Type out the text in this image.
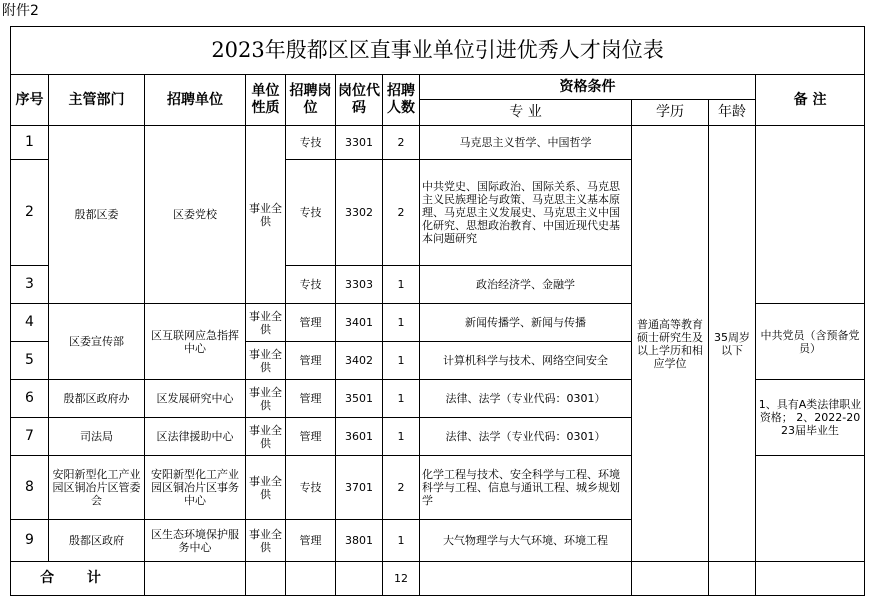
附件2
2023年殷都区区直事业单位引进优秀人才岗位表										
序号	主管部门	招聘单位	单位性质	招聘岗位	岗位代码	招聘人数	资格条件			备 注
							专 业	学历	年龄	
1	殷都区委	区委党校	事业全供	专技	3301	2	马克思主义哲学、中国哲学	普通高等教育硕士研究生及以上学历和相应学位	35周岁以下	
2				专技	3302	2	中共党史、国际政治、国际关系、马克思主义民族理论与政策、马克思主义基本原理、马克思主义发展史、马克思主义中国化研究、思想政治教育、中国近现代史基本问题研究			
3				专技	3303	1	政治经济学、金融学			
4	区委宣传部	区互联网应急指挥中心	事业全供	管理	3401	1	新闻传播学、新闻与传播			中共党员（含预备党员）
5			事业全供	管理	3402	1	计算机科学与技术、网络空间安全			
6	殷都区政府办	区发展研究中心	事业全供	管理	3501	1	法律、法学（专业代码：0301）			1、具有A类法律职业资格； 2、2022-2023届毕业生
7	司法局	区法律援助中心	事业全供	管理	3601	1	法律、法学（专业代码：0301）			
8	安阳新型化工产业园区铜冶片区管委会	安阳新型化工产业园区铜冶片区事务中心	事业全供	专技	3701	2	化学工程与技术、安全科学与工程、环境科学与工程、信息与通讯工程、城乡规划学			
9	殷都区政府	区生态环境保护服务中心	事业全供	管理	3801	1	大气物理学与大气环境、环境工程			
合 计						12				
